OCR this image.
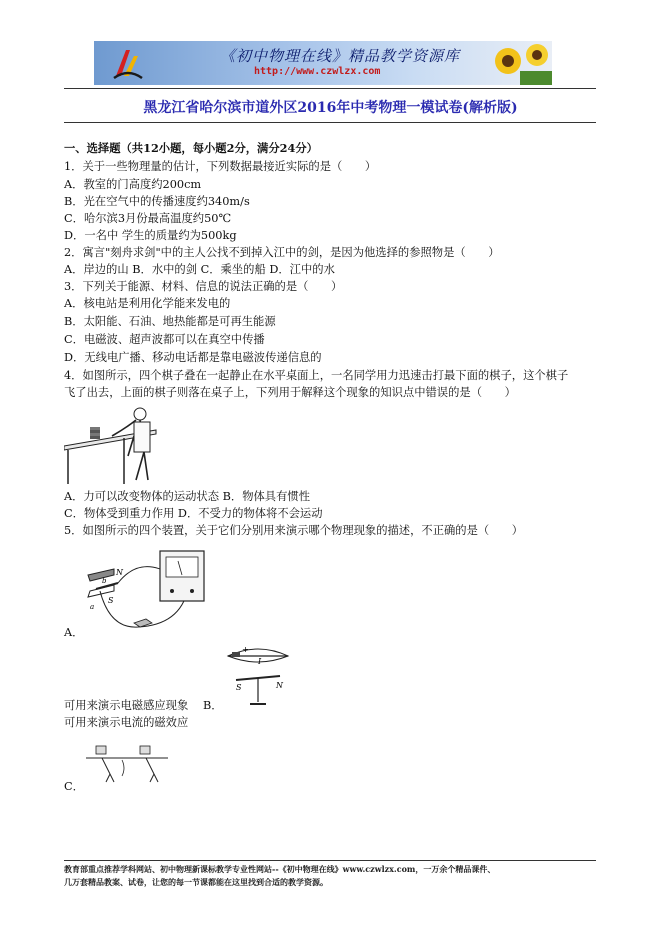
《初中物理在线》精品教学资源库
http://www.czwlzx.com
黑龙江省哈尔滨市道外区2016年中考物理一模试卷(解析版)
一、选择题（共12小题，每小题2分，满分24分）
1．关于一些物理量的估计，下列数据最接近实际的是（　　）
A．教室的门高度约200cm
B．光在空气中的传播速度约340m/s
C．哈尔滨3月份最高温度约50℃
D．一名中 学生的质量约为500kg
2．寓言"刻舟求剑"中的主人公找不到掉入江中的剑，是因为他选择的参照物是（　　）
A．岸边的山 B．水中的剑 C．乘坐的船 D．江中的水
3．下列关于能源、材料、信息的说法正确的是（　　）
A．核电站是利用化学能来发电的
B．太阳能、石油、地热能都是可再生能源
C．电磁波、超声波都可以在真空中传播
D．无线电广播、移动电话都是靠电磁波传递信息的
4．如图所示，四个棋子叠在一起静止在水平桌面上，一名同学用力迅速击打最下面的棋子，这个棋子
飞了出去，上面的棋子则落在桌子上，下列用于解释这个现象的知识点中错误的是（　　）
A．力可以改变物体的运动状态 B．物体具有惯性
C．物体受到重力作用 D．不受力的物体将不会运动
5．如图所示的四个装置，关于它们分别用来演示哪个物理现象的描述，不正确的是（　　）
N
S
b
a
A．
+
I
S	N
可用来演示电磁感应现象 B．
可用来演示电流的磁效应
C．
教育部重点推荐学科网站、初中物理新课标教学专业性网站--《初中物理在线》www.czwlzx.com，一万余个精品课件、
几万套精品教案、试卷，让您的每一节课都能在这里找到合适的教学资源。
